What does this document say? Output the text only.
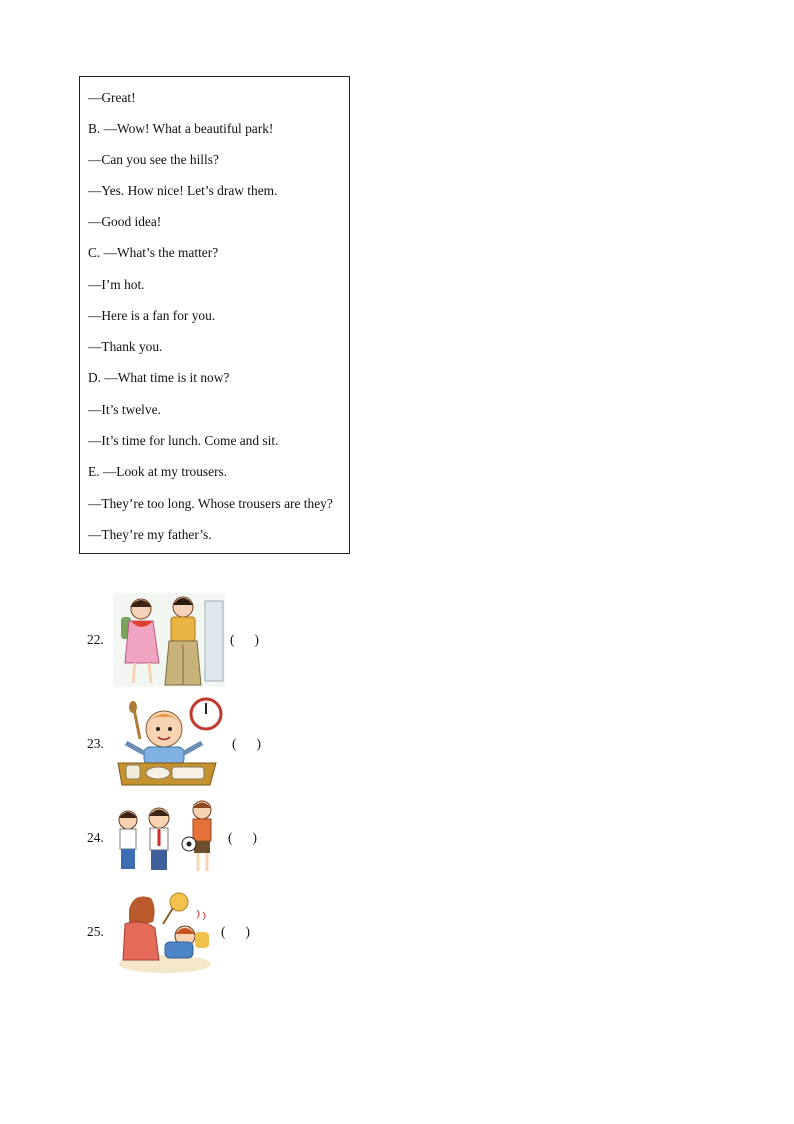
—Great!
B. —Wow! What a beautiful park!
—Can you see the hills?
—Yes. How nice! Let’s draw them.
—Good idea!
C. —What’s the matter?
—I’m hot.
—Here is a fan for you.
—Thank you.
D. —What time is it now?
—It’s twelve.
—It’s time for lunch. Come and sit.
E. —Look at my trousers.
—They’re too long. Whose trousers are they?
—They’re my father’s.
22.	(      )
23.	(      )
24.	(      )
25.	(      )
